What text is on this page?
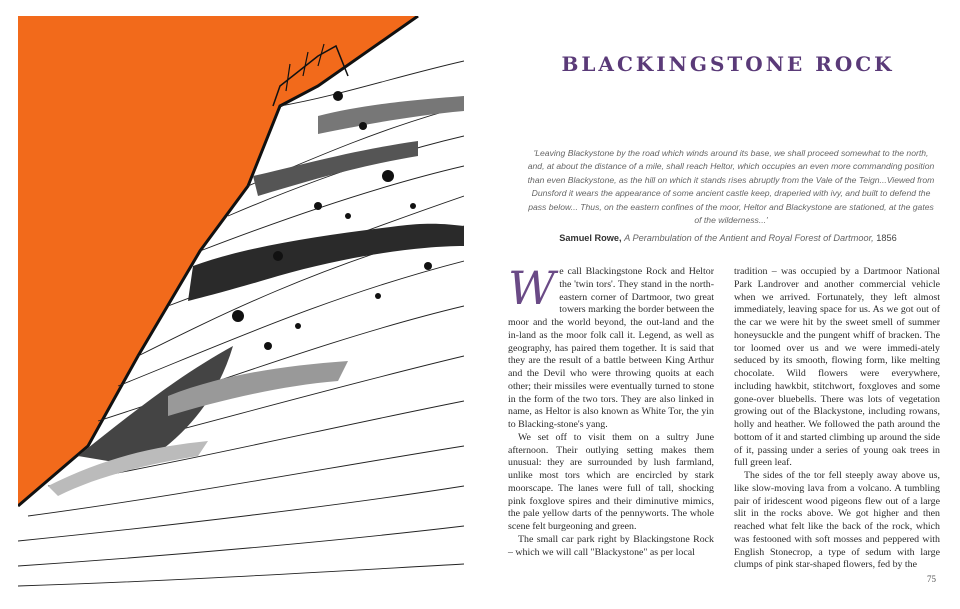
BLACKINGSTONE ROCK
'Leaving Blackystone by the road which winds around its base, we shall proceed somewhat to the north, and, at about the distance of a mile, shall reach Heltor, which occupies an even more commanding position than even Blackystone, as the hill on which it stands rises abruptly from the Vale of the Teign...Viewed from Dunsford it wears the appearance of some ancient castle keep, draperied with ivy, and built to defend the pass below... Thus, on the eastern confines of the moor, Heltor and Blackystone are stationed, at the gates of the wilderness...'
Samuel Rowe, A Perambulation of the Antient and Royal Forest of Dartmoor, 1856

We call Blackingstone Rock and Heltor the 'twin tors'. They stand in the north-eastern corner of Dartmoor, two great towers marking the border between the moor and the world beyond, the out-land and the in-land as the moor folk call it. Legend, as well as geography, has paired them together. It is said that they are the result of a battle between King Arthur and the Devil who were throwing quoits at each other; their missiles were eventually turned to stone in the form of the two tors. They are also linked in name, as Heltor is also known as White Tor, the yin to Blacking-stone's yang.

We set off to visit them on a sultry June afternoon. Their outlying setting makes them unusual: they are surrounded by lush farmland, unlike most tors which are encircled by stark moorscape. The lanes were full of tall, shocking pink foxglove spires and their diminutive mimics, the pale yellow darts of the pennyworts. The whole scene felt burgeoning and green.

The small car park right by Blackingstone Rock – which we will call "Blackystone" as per local

tradition – was occupied by a Dartmoor National Park Landrover and another commercial vehicle when we arrived. Fortunately, they left almost immediately, leaving space for us. As we got out of the car we were hit by the sweet smell of summer honeysuckle and the pungent whiff of bracken. The tor loomed over us and we were immedi-ately seduced by its smooth, flowing form, like melting chocolate. Wild flowers were everywhere, including hawkbit, stitchwort, foxgloves and some gone-over bluebells. There was lots of vegetation growing out of the Blackystone, including rowans, holly and heather. We followed the path around the bottom of it and started climbing up around the side of it, passing under a series of young oak trees in full green leaf.

The sides of the tor fell steeply away above us, like slow-moving lava from a volcano. A tumbling pair of iridescent wood pigeons flew out of a large slit in the rocks above. We got higher and then reached what felt like the back of the rock, which was festooned with soft mosses and peppered with English Stonecrop, a type of sedum with large clumps of pink star-shaped flowers, fed by the

75
